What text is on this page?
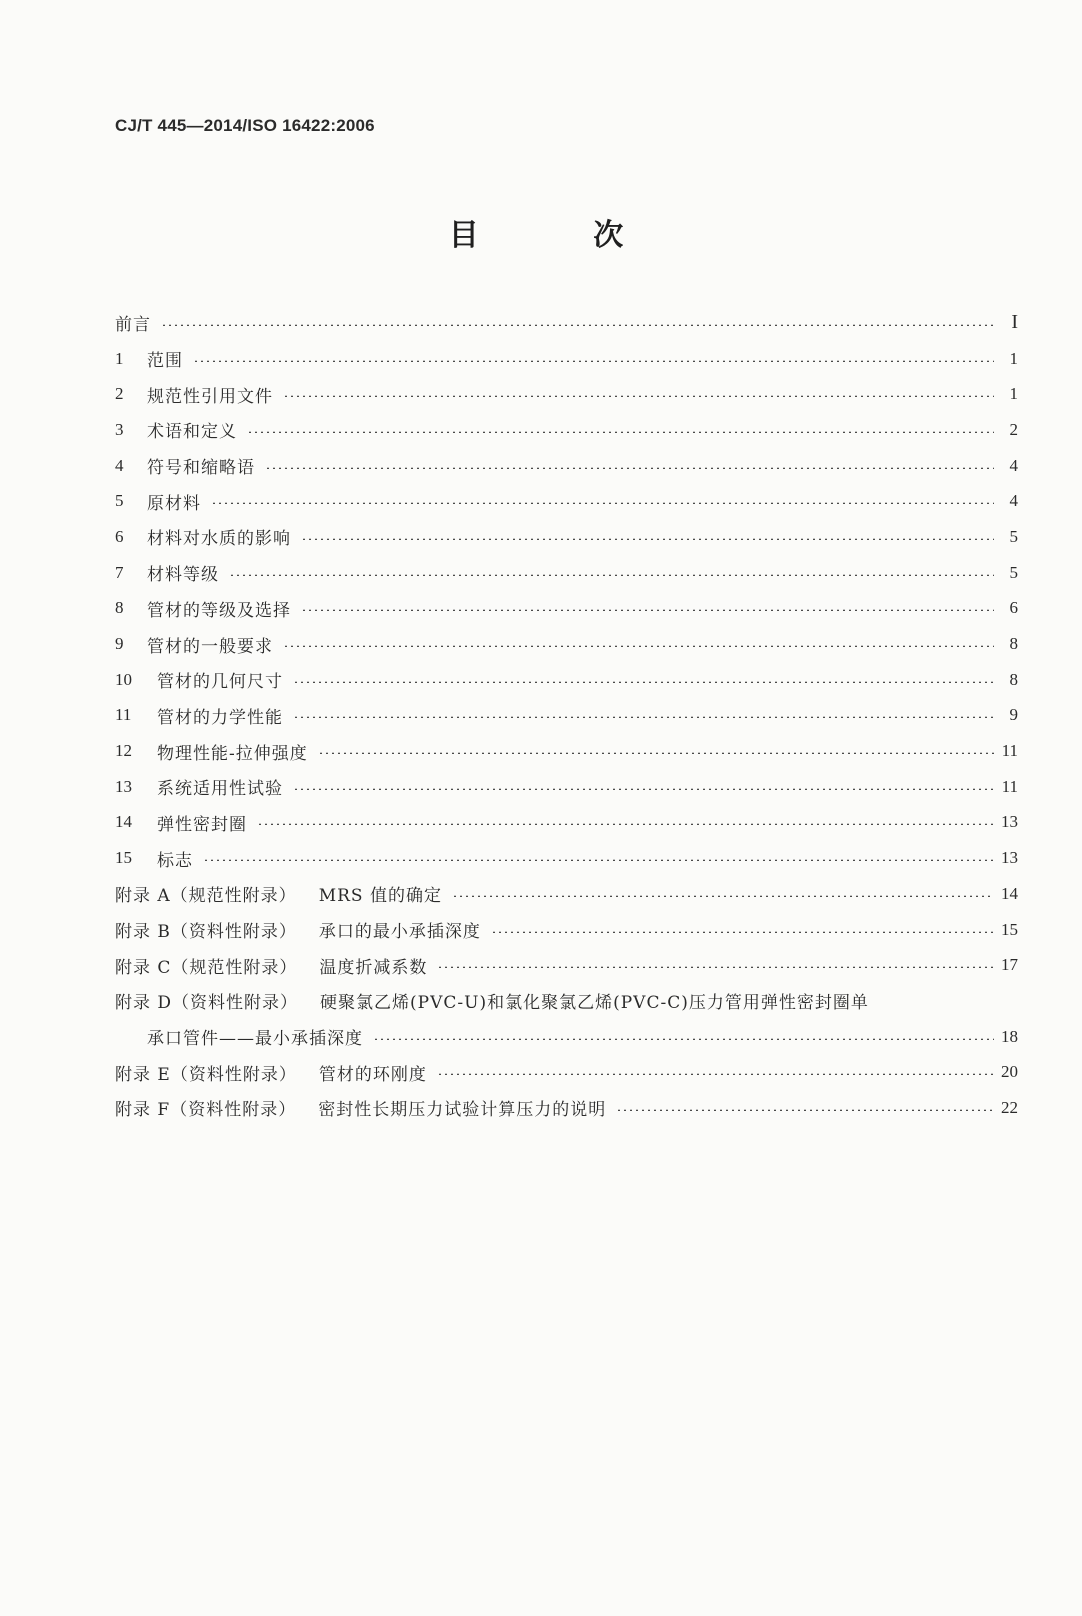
CJ/T 445—2014/ISO 16422:2006
目 次
前言	I
1	范围	1
2	规范性引用文件	1
3	术语和定义	2
4	符号和缩略语	4
5	原材料	4
6	材料对水质的影响	5
7	材料等级	5
8	管材的等级及选择	6
9	管材的一般要求	8
10	管材的几何尺寸	8
11	管材的力学性能	9
12	物理性能-拉伸强度	11
13	系统适用性试验	11
14	弹性密封圈	13
15	标志	13
附录 A（规范性附录） MRS 值的确定	14
附录 B（资料性附录） 承口的最小承插深度	15
附录 C（规范性附录） 温度折减系数	17
附录 D（资料性附录） 硬聚氯乙烯(PVC-U)和氯化聚氯乙烯(PVC-C)压力管用弹性密封圈单
承口管件——最小承插深度	18
附录 E（资料性附录） 管材的环刚度	20
附录 F（资料性附录） 密封性长期压力试验计算压力的说明	22
